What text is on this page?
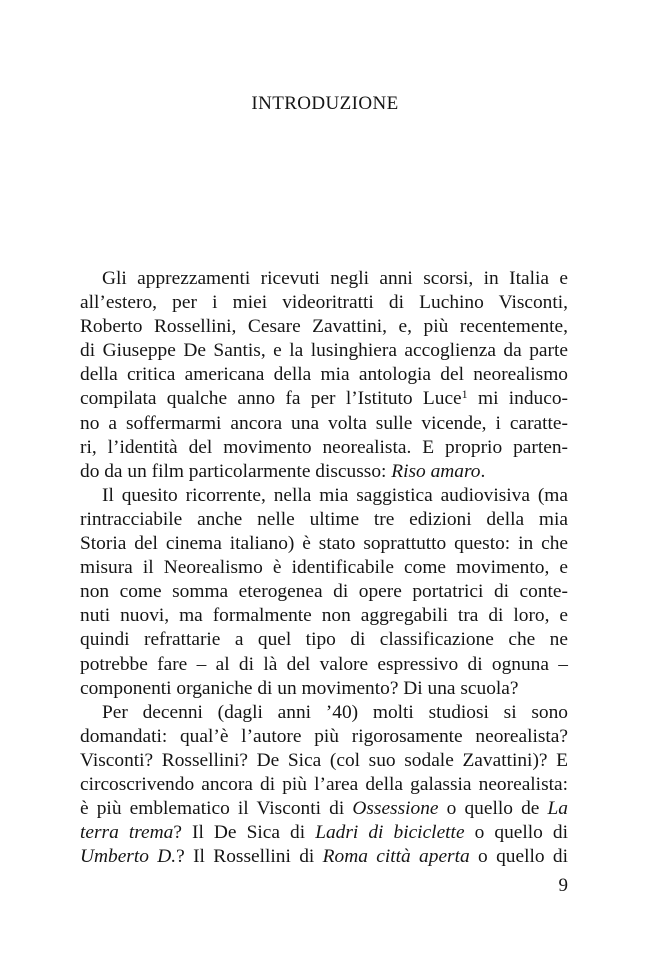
INTRODUZIONE
Gli apprezzamenti ricevuti negli anni scorsi, in Italia e
all’estero, per i miei videoritratti di Luchino Visconti,
Roberto Rossellini, Cesare Zavattini, e, più recentemente,
di Giuseppe De Santis, e la lusinghiera accoglienza da parte
della critica americana della mia antologia del neorealismo
compilata qualche anno fa per l’Istituto Luce$^1$ mi induco-
no a soffermarmi ancora una volta sulle vicende, i caratte-
ri, l’identità del movimento neorealista. E proprio parten-
do da un film particolarmente discusso: Riso amaro.
Il quesito ricorrente, nella mia saggistica audiovisiva (ma
rintracciabile anche nelle ultime tre edizioni della mia
Storia del cinema italiano) è stato soprattutto questo: in che
misura il Neorealismo è identificabile come movimento, e
non come somma eterogenea di opere portatrici di conte-
nuti nuovi, ma formalmente non aggregabili tra di loro, e
quindi refrattarie a quel tipo di classificazione che ne
potrebbe fare – al di là del valore espressivo di ognuna –
componenti organiche di un movimento? Di una scuola?
Per decenni (dagli anni ’40) molti studiosi si sono
domandati: qual’è l’autore più rigorosamente neorealista?
Visconti? Rossellini? De Sica (col suo sodale Zavattini)? E
circoscrivendo ancora di più l’area della galassia neorealista:
è più emblematico il Visconti di Ossessione o quello de La
terra trema? Il De Sica di Ladri di biciclette o quello di
Umberto D.? Il Rossellini di Roma città aperta o quello di
9
